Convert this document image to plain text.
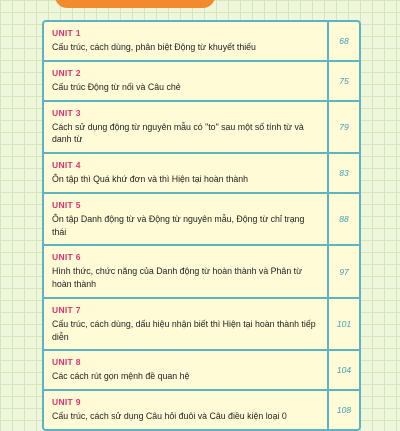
UNIT 1
Cấu trúc, cách dùng, phân biệt Động từ khuyết thiếu
68
UNIT 2
Cấu trúc Động từ nối và Câu chẻ
75
UNIT 3
Cách sử dụng động từ nguyên mẫu có "to" sau một số tính từ và danh từ
79
UNIT 4
Ôn tập thì Quá khứ đơn và thì Hiện tại hoàn thành
83
UNIT 5
Ôn tập Danh động từ và Động từ nguyên mẫu, Động từ chỉ trạng thái
88
UNIT 6
Hình thức, chức năng của Danh động từ hoàn thành và Phân từ hoàn thành
97
UNIT 7
Cấu trúc, cách dùng, dấu hiệu nhận biết thì Hiện tại hoàn thành tiếp diễn
101
UNIT 8
Các cách rút gọn mệnh đề quan hệ
104
UNIT 9
Cấu trúc, cách sử dụng Câu hỏi đuôi và Câu điều kiện loại 0
108
